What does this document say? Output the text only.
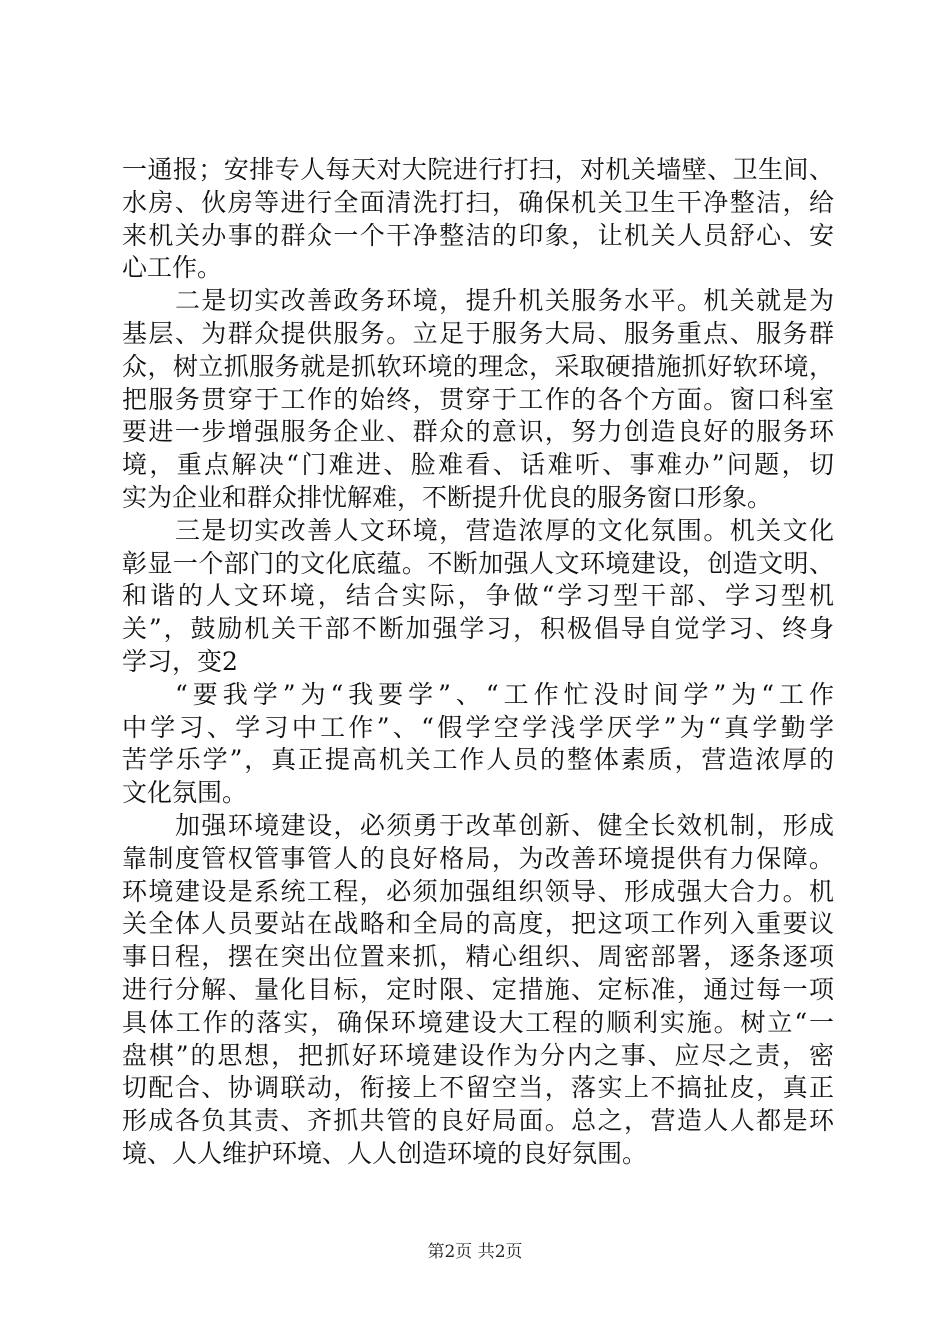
一通报；安排专人每天对大院进行打扫，对机关墙壁、卫生间、
水房、伙房等进行全面清洗打扫，确保机关卫生干净整洁，给
来机关办事的群众一个干净整洁的印象，让机关人员舒心、安
心工作。
二是切实改善政务环境，提升机关服务水平。机关就是为
基层、为群众提供服务。立足于服务大局、服务重点、服务群
众，树立抓服务就是抓软环境的理念，采取硬措施抓好软环境，
把服务贯穿于工作的始终，贯穿于工作的各个方面。窗口科室
要进一步增强服务企业、群众的意识，努力创造良好的服务环
境，重点解决“门难进、脸难看、话难听、事难办”问题，切
实为企业和群众排忧解难，不断提升优良的服务窗口形象。
三是切实改善人文环境，营造浓厚的文化氛围。机关文化
彰显一个部门的文化底蕴。不断加强人文环境建设，创造文明、
和谐的人文环境，结合实际，争做“学习型干部、学习型机
关”，鼓励机关干部不断加强学习，积极倡导自觉学习、终身
学习，变2
“要我学”为“我要学”、“工作忙没时间学”为“工作
中学习、学习中工作”、“假学空学浅学厌学”为“真学勤学
苦学乐学”，真正提高机关工作人员的整体素质，营造浓厚的
文化氛围。
加强环境建设，必须勇于改革创新、健全长效机制，形成
靠制度管权管事管人的良好格局，为改善环境提供有力保障。
环境建设是系统工程，必须加强组织领导、形成强大合力。机
关全体人员要站在战略和全局的高度，把这项工作列入重要议
事日程，摆在突出位置来抓，精心组织、周密部署，逐条逐项
进行分解、量化目标，定时限、定措施、定标准，通过每一项
具体工作的落实，确保环境建设大工程的顺利实施。树立“一
盘棋”的思想，把抓好环境建设作为分内之事、应尽之责，密
切配合、协调联动，衔接上不留空当，落实上不搞扯皮，真正
形成各负其责、齐抓共管的良好局面。总之，营造人人都是环
境、人人维护环境、人人创造环境的良好氛围。
第2页 共2页
